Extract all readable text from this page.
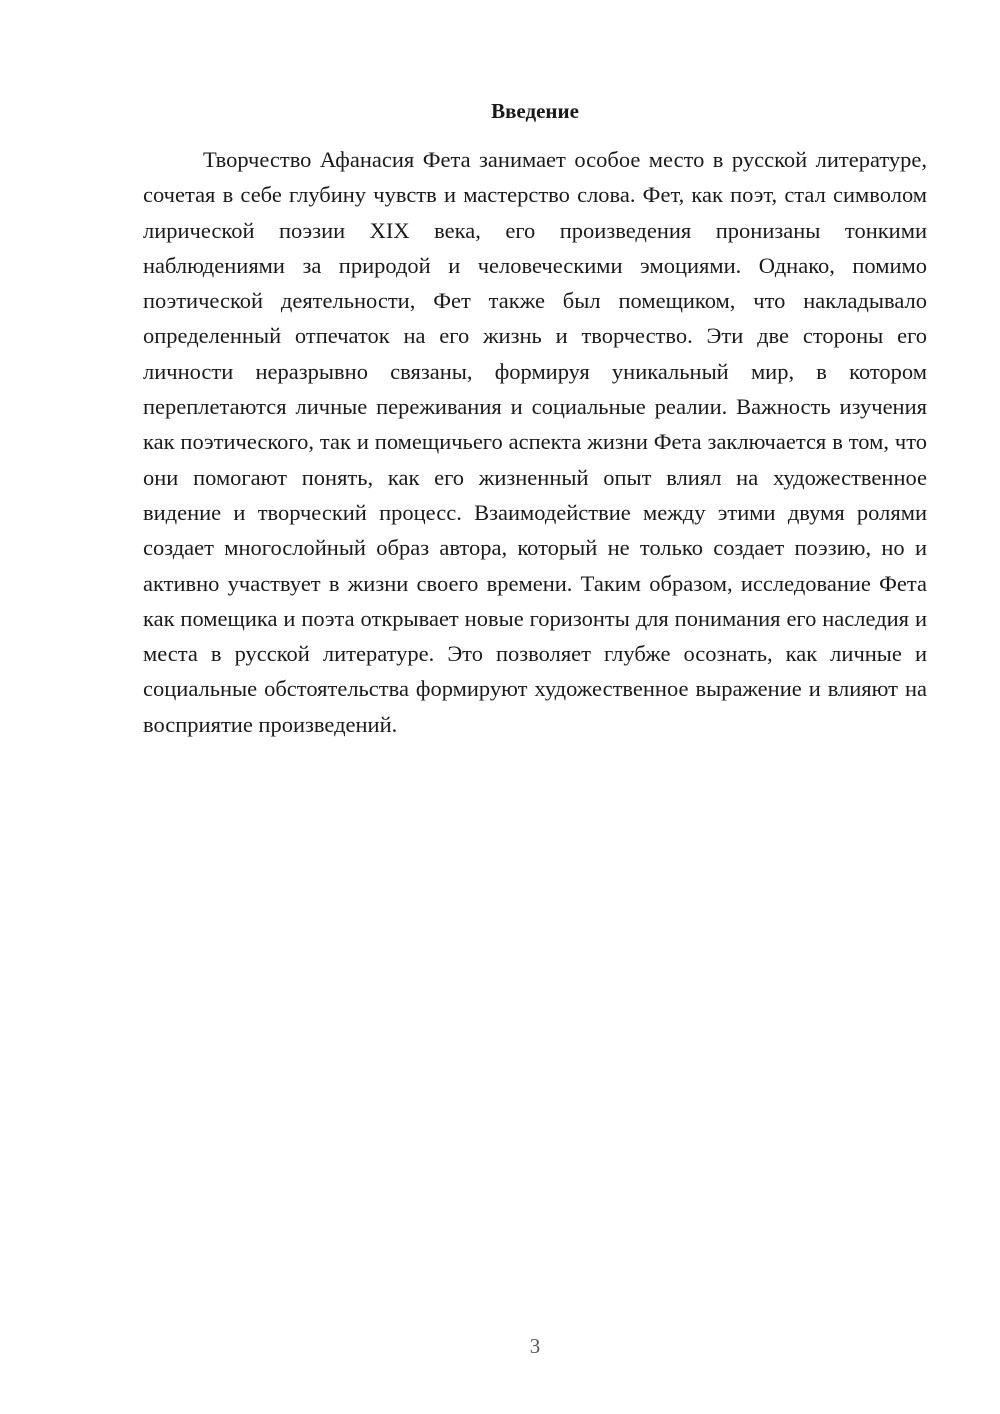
Введение

Творчество Афанасия Фета занимает особое место в русской литературе, сочетая в себе глубину чувств и мастерство слова. Фет, как поэт, стал символом лирической поэзии XIX века, его произведения пронизаны тонкими наблюдениями за природой и человеческими эмоциями. Однако, помимо поэтической деятельности, Фет также был помещиком, что накладывало определенный отпечаток на его жизнь и творчество. Эти две стороны его личности неразрывно связаны, формируя уникальный мир, в котором переплетаются личные переживания и социальные реалии. Важность изучения как поэтического, так и помещичьего аспекта жизни Фета заключается в том, что они помогают понять, как его жизненный опыт влиял на художественное видение и творческий процесс. Взаимодействие между этими двумя ролями создает многослойный образ автора, который не только создает поэзию, но и активно участвует в жизни своего времени. Таким образом, исследование Фета как помещика и поэта открывает новые горизонты для понимания его наследия и места в русской литературе. Это позволяет глубже осознать, как личные и социальные обстоятельства формируют художественное выражение и влияют на восприятие произведений.

3
